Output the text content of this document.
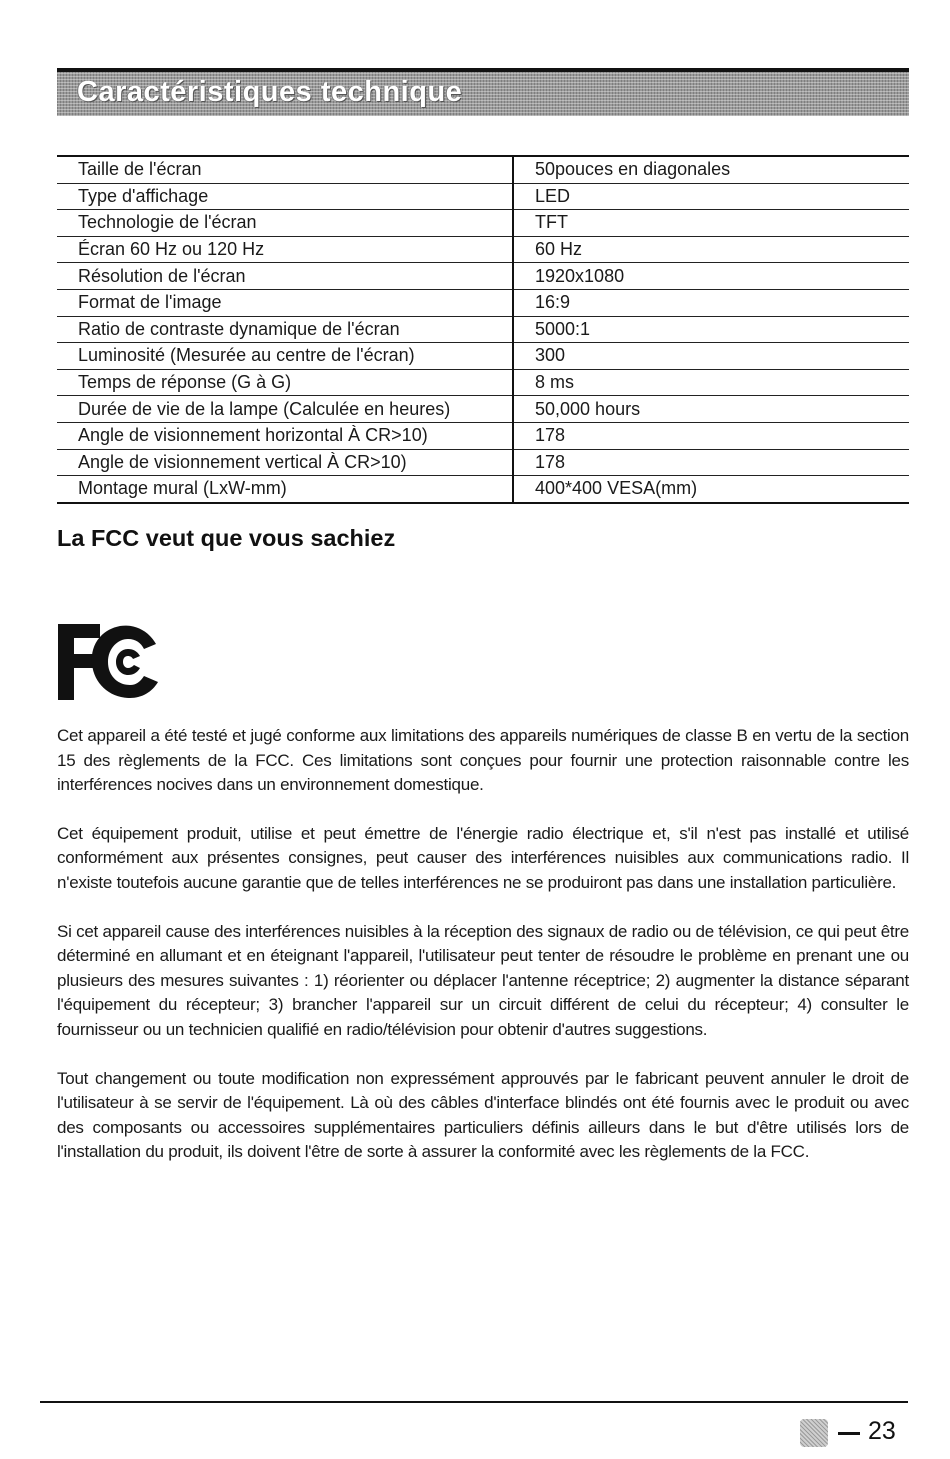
Caractéristiques technique
Taille de l'écran	50pouces en diagonales
Type d'affichage	LED
Technologie de l'écran	TFT
Écran 60 Hz ou 120 Hz	60 Hz
Résolution de l'écran	1920x1080
Format de l'image	16:9
Ratio de contraste dynamique de l'écran	5000:1
Luminosité (Mesurée au centre de l'écran)	300
Temps de réponse (G à G)	8 ms
Durée de vie de la lampe (Calculée en heures)	50,000 hours
Angle de visionnement horizontal À CR>10)	178
Angle de visionnement vertical À CR>10)	178
Montage mural (LxW-mm)	400*400 VESA(mm)
La FCC veut que vous sachiez

Cet appareil a été testé et jugé conforme aux limitations des appareils numériques de classe B en vertu de la section 15 des règlements de la FCC. Ces limitations sont conçues pour fournir une protection raisonnable contre les interférences nocives dans un environnement domestique.

Cet équipement produit, utilise et peut émettre de l'énergie radio électrique et, s'il n'est pas installé et utilisé conformément aux présentes consignes, peut causer des interférences nuisibles aux communications radio. Il n'existe toutefois aucune garantie que de telles interférences ne se produiront pas dans une installation particulière.

Si cet appareil cause des interférences nuisibles à la réception des signaux de radio ou de télévision, ce qui peut être déterminé en allumant et en éteignant l'appareil, l'utilisateur peut tenter de résoudre le problème en prenant une ou plusieurs des mesures suivantes : 1) réorienter ou déplacer l'antenne réceptrice; 2) augmenter la distance séparant l'équipement du récepteur; 3) brancher l'appareil sur un circuit différent de celui du récepteur; 4) consulter le fournisseur ou un technicien qualifié en radio/télévision pour obtenir d'autres suggestions.

Tout changement ou toute modification non expressément approuvés par le fabricant peuvent annuler le droit de l'utilisateur à se servir de l'équipement. Là où des câbles d'interface blindés ont été fournis avec le produit ou avec des composants ou accessoires supplémentaires particuliers définis ailleurs dans le but d'être utilisés lors de l'installation du produit, ils doivent l'être de sorte à assurer la conformité avec les règlements de la FCC.

23
